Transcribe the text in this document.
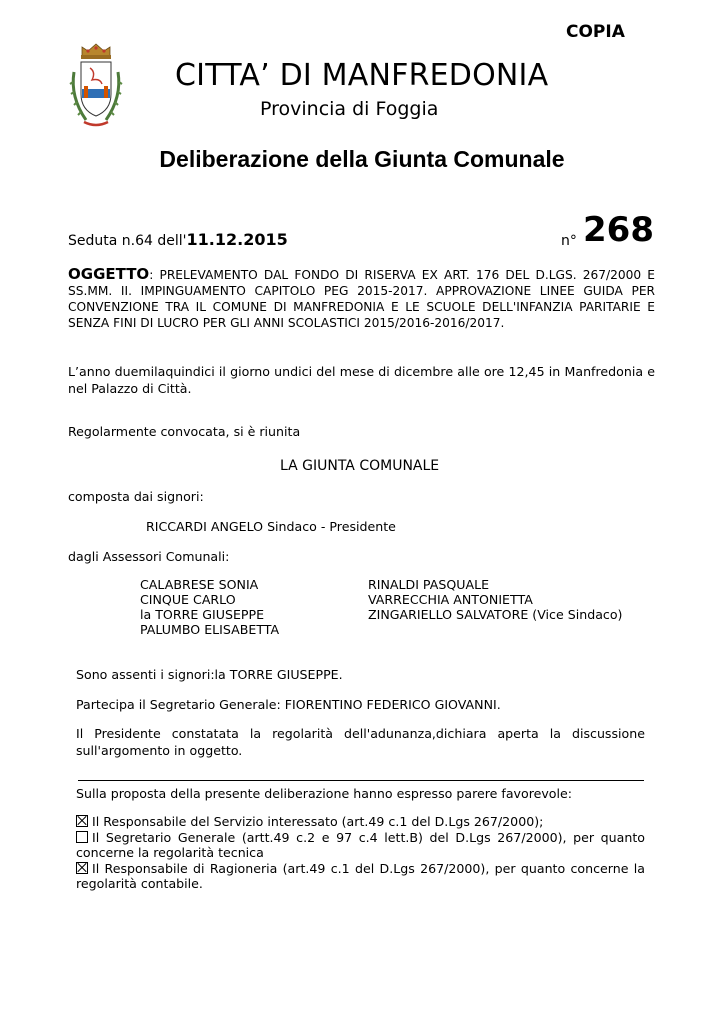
COPIA
CITTA’ DI MANFREDONIA
Provincia di Foggia
Deliberazione della Giunta Comunale
Seduta n.64 dell'11.12.2015	n° 268
OGGETTO: PRELEVAMENTO DAL FONDO DI RISERVA EX ART. 176 DEL D.LGS. 267/2000 E SS.MM. II. IMPINGUAMENTO CAPITOLO PEG 2015-2017. APPROVAZIONE LINEE GUIDA PER CONVENZIONE TRA IL COMUNE DI MANFREDONIA E LE SCUOLE DELL'INFANZIA PARITARIE E SENZA FINI DI LUCRO PER GLI ANNI SCOLASTICI 2015/2016-2016/2017.
L’anno duemilaquindici il giorno undici del mese di dicembre alle ore 12,45 in Manfredonia e nel Palazzo di Città.
Regolarmente convocata, si è riunita
LA GIUNTA COMUNALE
composta dai signori:
RICCARDI ANGELO Sindaco - Presidente
dagli Assessori Comunali:
CALABRESE SONIA
CINQUE CARLO
la TORRE GIUSEPPE
PALUMBO ELISABETTA
RINALDI PASQUALE
VARRECCHIA ANTONIETTA
ZINGARIELLO SALVATORE (Vice Sindaco)
Sono assenti i signori:la TORRE GIUSEPPE.
Partecipa il Segretario Generale: FIORENTINO FEDERICO GIOVANNI.
Il Presidente constatata la regolarità dell'adunanza,dichiara aperta la discussione sull'argomento in oggetto.
Sulla proposta della presente deliberazione hanno espresso parere favorevole:
Il Responsabile del Servizio interessato (art.49 c.1 del D.Lgs 267/2000);
Il Segretario Generale (artt.49 c.2 e 97 c.4 lett.B) del D.Lgs 267/2000), per quanto concerne la regolarità tecnica
Il Responsabile di Ragioneria (art.49 c.1 del D.Lgs 267/2000), per quanto concerne la regolarità contabile.
